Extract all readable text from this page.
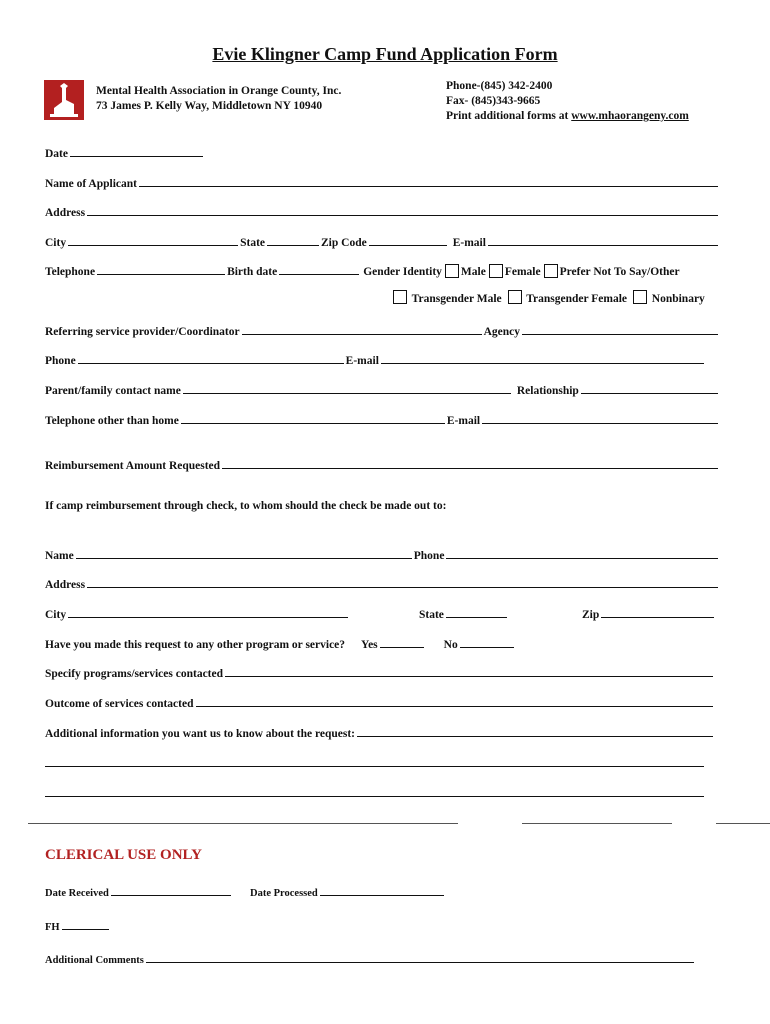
Evie Klingner Camp Fund Application Form
Mental Health Association in Orange County, Inc.
73 James P. Kelly Way, Middletown NY 10940
Phone-(845) 342-2400
Fax- (845)343-9665
Print additional forms at www.mhaorangeny.com
Date
Name of Applicant
Address
City	State	Zip Code	E-mail
Telephone	Birth date	Gender Identity Male Female Prefer Not To Say/Other
Transgender Male Transgender Female Nonbinary
Referring service provider/Coordinator	Agency
Phone	E-mail
Parent/family contact name	Relationship
Telephone other than home	E-mail
Reimbursement Amount Requested
If camp reimbursement through check, to whom should the check be made out to:
Name	Phone
Address
City	State	Zip
Have you made this request to any other program or service? Yes	No
Specify programs/services contacted
Outcome of services contacted
Additional information you want us to know about the request:
CLERICAL USE ONLY
Date Received	Date Processed
FH
Additional Comments
